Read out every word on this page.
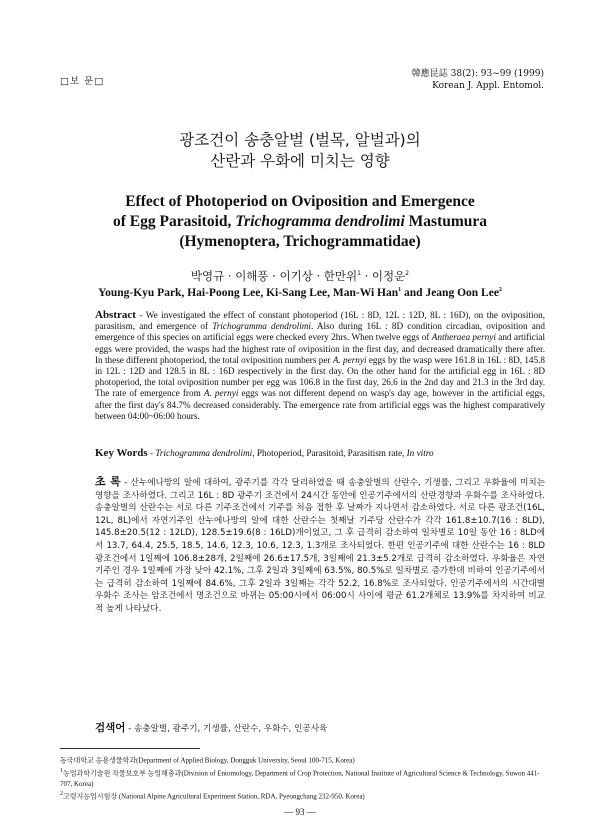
□보 문□
韓應昆誌 38(2): 93~99 (1999)
Korean J. Appl. Entomol.
광조건이 송충알벌 (벌목, 알벌과)의
산란과 우화에 미치는 영향
Effect of Photoperiod on Oviposition and Emergence
of Egg Parasitoid, Trichogramma dendrolimi Mastumura
(Hymenoptera, Trichogrammatidae)
박영규 · 이해풍 · 이기상 · 한만위$^1$ · 이정운$^2$
Young-Kyu Park, Hai-Poong Lee, Ki-Sang Lee, Man-Wi Han$^1$ and Jeang Oon Lee$^2$
Abstract - We investigated the effect of constant photoperiod (16L : 8D, 12L : 12D, 8L : 16D), on the oviposition, parasitism, and emergence of Trichogramma dendrolimi. Also during 16L : 8D condition circadian, oviposition and emergence of this species on artificial eggs were checked every 2hrs. When twelve eggs of Antheraea pernyi and artificial eggs were provided, the wasps had the highest rate of oviposition in the first day, and decreased dramatically there after. In these different photoperiod, the total oviposition numbers per A. pernyi eggs by the wasp were 161.8 in 16L : 8D, 145.8 in 12L : 12D and 128.5 in 8L : 16D respectively in the first day. On the other hand for the artificial egg in 16L : 8D photoperiod, the total oviposition number per egg was 106.8 in the first day, 26.6 in the 2nd day and 21.3 in the 3rd day. The rate of emergence from A. pernyi eggs was not different depend on wasp's day age, however in the artificial eggs, after the first day's 84.7% decreased considerably. The emergence rate from artificial eggs was the highest comparatively between 04:00~06:00 hours.
Key Words - Trichogramma dendrolimi, Photoperiod, Parasitoid, Parasitism rate, In vitro
초 록 - 산누에나방의 알에 대하여, 광주기를 각각 달리하였을 때 송충알벌의 산란수, 기생률, 그리고 우화율에 미치는 영향을 조사하였다. 그리고 16L : 8D 광주기 조건에서 24시간 동안에 인공기주에서의 산란경향과 우화수를 조사하였다. 송충알벌의 산란수는 서로 다른 기주조건에서 기주를 처음 접한 후 날짜가 지나면서 감소하였다. 서로 다른 광조건(16L, 12L, 8L)에서 자연기주인 산누에나방의 알에 대한 산란수는 첫째날 기주당 산란수가 각각 161.8±10.7(16 : 8LD), 145.8±20.5(12 : 12LD), 128.5±19.6(8 : 16LD)개이었고, 그 후 급격히 감소하여 일차별로 10일 동안 16 : 8LD에서 13.7, 64.4, 25.5, 18.5, 14.6, 12.3, 10.6, 12.3, 1.3개로 조사되었다. 한편 인공기주에 대한 산란수는 16 : 8LD 광조건에서 1일째에 106.8±28개, 2일째에 26.6±17.5개, 3일째에 21.3±5.2개로 급격히 감소하였다. 우화율은 자연기주인 경우 1일째에 가장 낮아 42.1%, 그후 2일과 3일째에 63.5%, 80.5%로 일차별로 증가한데 비하여 인공기주에서는 급격히 감소하여 1일째에 84.6%, 그후 2일과 3일째는 각각 52.2, 16.8%로 조사되었다. 인공기주에서의 시간대별 우화수 조사는 암조건에서 명조건으로 바뀌는 05:00시에서 06:00시 사이에 평균 61.2개체로 13.9%를 차지하여 비교적 높게 나타났다.
검색어 - 송충알벌, 광주기, 기생률, 산란수, 우화수, 인공사육

동국대학교 응용생물학과(Department of Applied Biology, Dongguk University, Seoul 100-715, Korea)

$^1$농업과학기술원 작물보호부 농업해충과(Division of Entomology, Department of Crop Protection, National Institute of Agricultural Science & Technology, Suwon 441-707, Korea)

$^2$고령지농업시험장 (National Alpine Agricultural Experiment Station, RDA, Pyeongchang 232-950, Korea)

— 93 —
